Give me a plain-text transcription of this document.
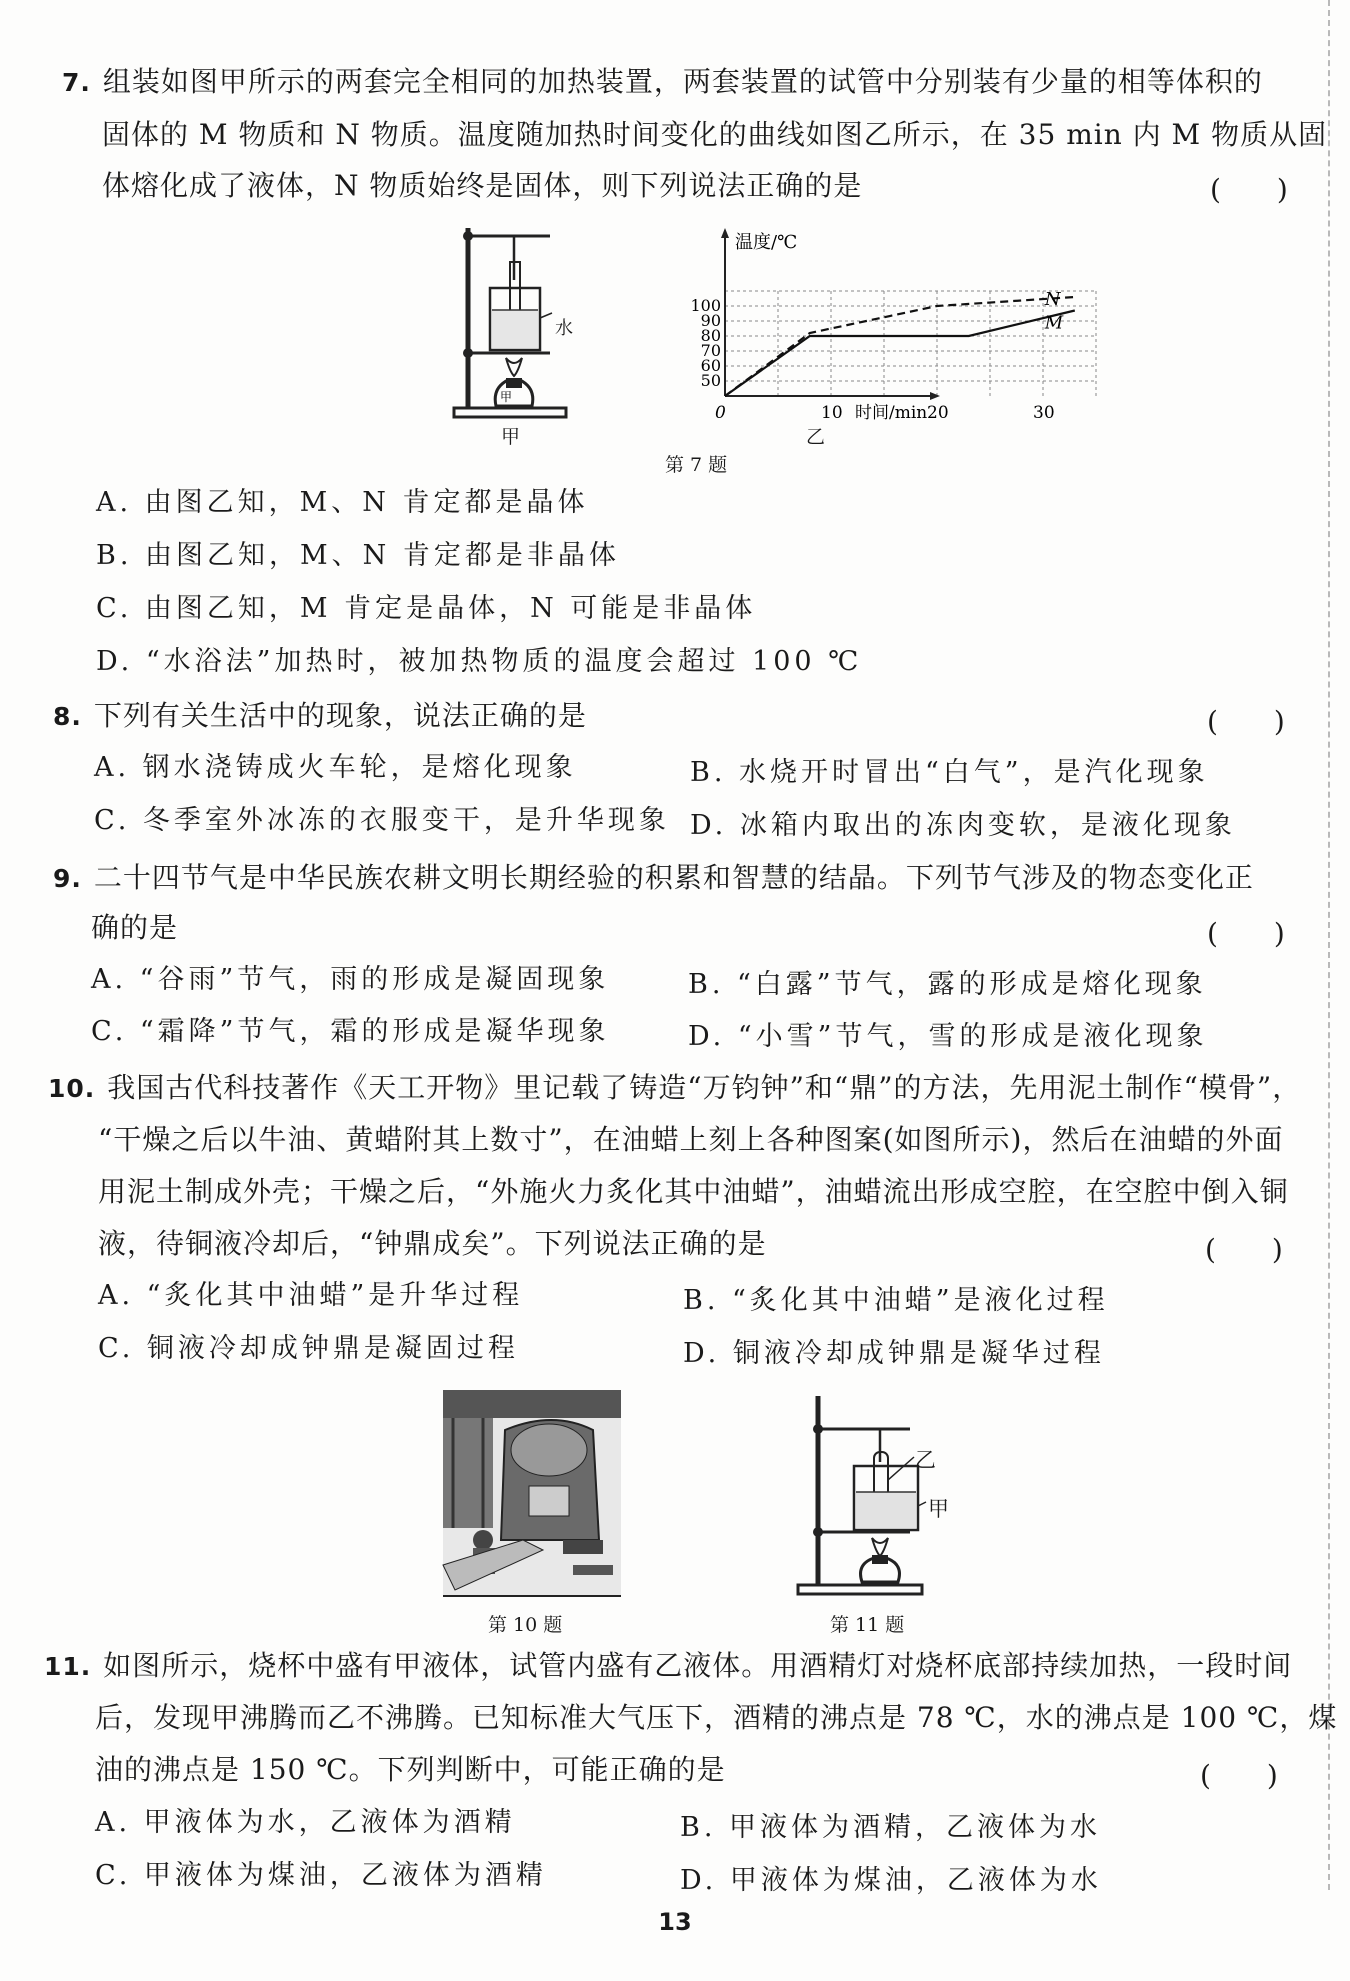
7. 组装如图甲所示的两套完全相同的加热装置，两套装置的试管中分别装有少量的相等体积的
固体的 M 物质和 N 物质。温度随加热时间变化的曲线如图乙所示，在 35 min 内 M 物质从固
体熔化成了液体，N 物质始终是固体，则下列说法正确的是	(　　)
甲
水
甲
10	20	30
50
60
70
80
90
100
M
N
温度/℃
时间/min
0
乙
第 7 题
A. 由图乙知，M、N 肯定都是晶体
B. 由图乙知，M、N 肯定都是非晶体
C. 由图乙知，M 肯定是晶体，N 可能是非晶体
D. “水浴法”加热时，被加热物质的温度会超过 100 ℃
8. 下列有关生活中的现象，说法正确的是	(　　)
A. 钢水浇铸成火车轮，是熔化现象	B. 水烧开时冒出“白气”，是汽化现象
C. 冬季室外冰冻的衣服变干，是升华现象 D. 冰箱内取出的冻肉变软，是液化现象
9. 二十四节气是中华民族农耕文明长期经验的积累和智慧的结晶。下列节气涉及的物态变化正
确的是	(　　)
A. “谷雨”节气，雨的形成是凝固现象	B. “白露”节气，露的形成是熔化现象
C. “霜降”节气，霜的形成是凝华现象	D. “小雪”节气，雪的形成是液化现象
10. 我国古代科技著作《天工开物》里记载了铸造“万钧钟”和“鼎”的方法，先用泥土制作“模骨”，
“干燥之后以牛油、黄蜡附其上数寸”，在油蜡上刻上各种图案(如图所示)，然后在油蜡的外面
用泥土制成外壳；干燥之后，“外施火力炙化其中油蜡”，油蜡流出形成空腔，在空腔中倒入铜
液，待铜液冷却后，“钟鼎成矣”。下列说法正确的是	(　　)
A. “炙化其中油蜡”是升华过程	B. “炙化其中油蜡”是液化过程
C. 铜液冷却成钟鼎是凝固过程	D. 铜液冷却成钟鼎是凝华过程
第 10 题
乙
甲
第 11 题
11. 如图所示，烧杯中盛有甲液体，试管内盛有乙液体。用酒精灯对烧杯底部持续加热，一段时间
后，发现甲沸腾而乙不沸腾。已知标准大气压下，酒精的沸点是 78 ℃，水的沸点是 100 ℃，煤
油的沸点是 150 ℃。下列判断中，可能正确的是	(　　)
A. 甲液体为水，乙液体为酒精	B. 甲液体为酒精，乙液体为水
C. 甲液体为煤油，乙液体为酒精	D. 甲液体为煤油，乙液体为水
13
